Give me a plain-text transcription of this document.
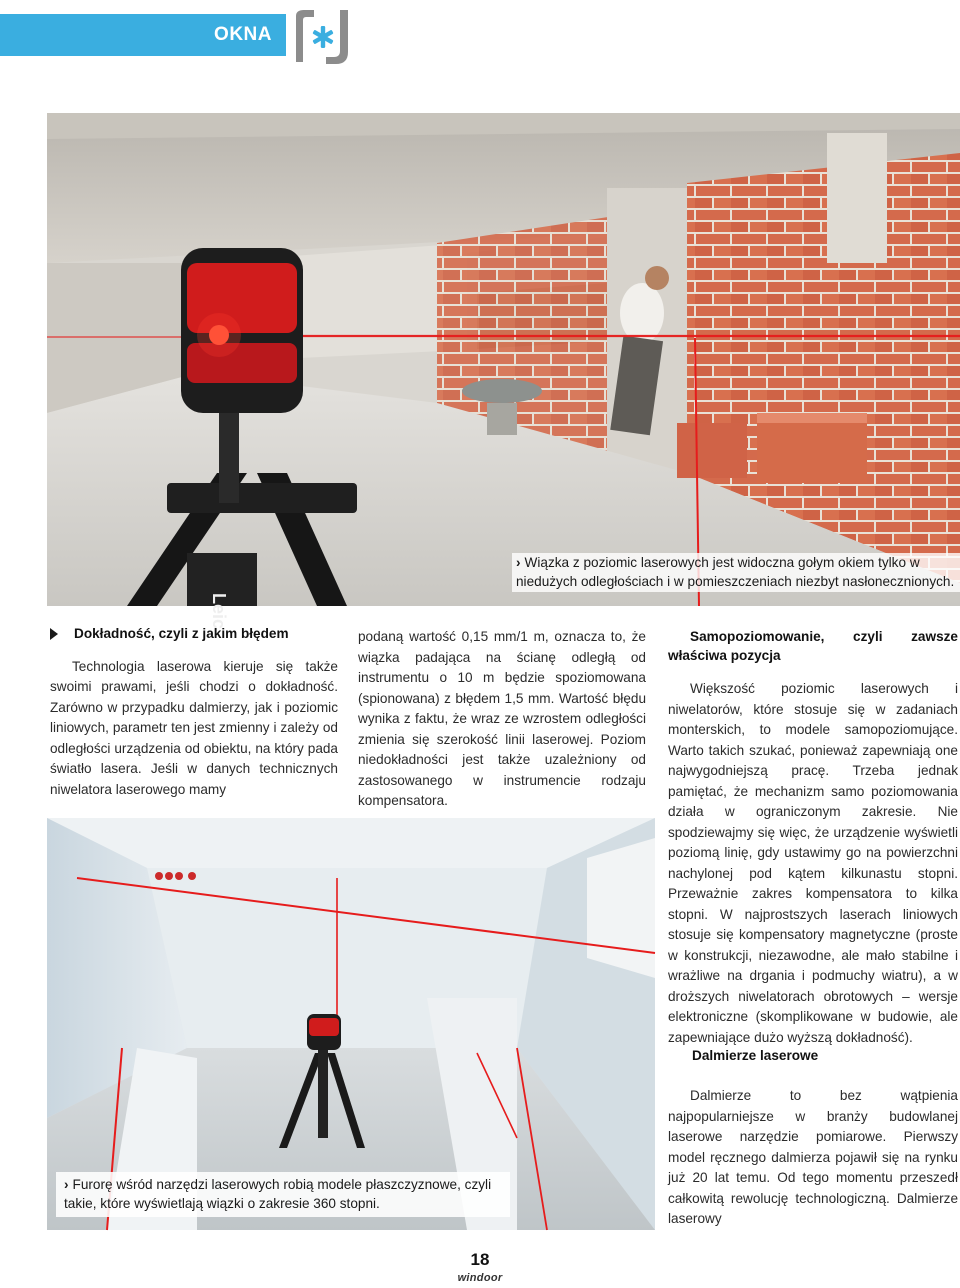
OKNA
Leic
› Wiązka z poziomic laserowych jest widoczna gołym okiem tylko w niedużych odległościach i w pomieszczeniach niezbyt nasłonecznionych.
Dokładność, czyli z jakim błędem

Technologia laserowa kieruje się także swoimi prawami, jeśli chodzi o dokładność. Zarówno w przypadku dalmierzy, jak i poziomic liniowych, parametr ten jest zmienny i zależy od odległości urządzenia od obiektu, na który pada światło lasera. Jeśli w danych technicznych niwelatora laserowego mamy

podaną wartość 0,15 mm/1 m, oznacza to, że wiązka padająca na ścianę odległą od instrumentu o 10 m będzie spoziomowana (spionowana) z błędem 1,5 mm. Wartość błędu wynika z faktu, że wraz ze wzrostem odległości zmienia się szerokość linii laserowej. Poziom niedokładności jest także uzależniony od zastosowanego w instrumencie rodzaju kompensatora.

Samopoziomowanie, czyli zawsze właściwa pozycja

Większość poziomic laserowych i niwelatorów, które stosuje się w zadaniach monterskich, to modele samopoziomujące. Warto takich szukać, ponieważ zapewniają one najwygodniejszą pracę. Trzeba jednak pamiętać, że mechanizm samo poziomowania działa w ograniczonym zakresie. Nie spodziewajmy się więc, że urządzenie wyświetli poziomą linię, gdy ustawimy go na powierzchni nachylonej pod kątem kilkunastu stopni. Przeważnie zakres kompensatora to kilka stopni. W najprostszych laserach liniowych stosuje się kompensatory magnetyczne (proste w konstrukcji, niezawodne, ale mało stabilne i wrażliwe na drgania i podmuchy wiatru), a w droższych niwelatorach obrotowych – wersje elektroniczne (skomplikowane w budowie, ale zapewniające dużo wyższą dokładność).

Dalmierze laserowe

Dalmierze to bez wątpienia najpopularniejsze w branży budowlanej laserowe narzędzie pomiarowe. Pierwszy model ręcznego dalmierza pojawił się na rynku już 20 lat temu. Od tego momentu przeszedł całkowitą rewolucję technologiczną. Dalmierze laserowy

› Furorę wśród narzędzi laserowych robią modele płaszczyznowe, czyli takie, które wyświetlają wiązki o zakresie 360 stopni.
18
windoor
